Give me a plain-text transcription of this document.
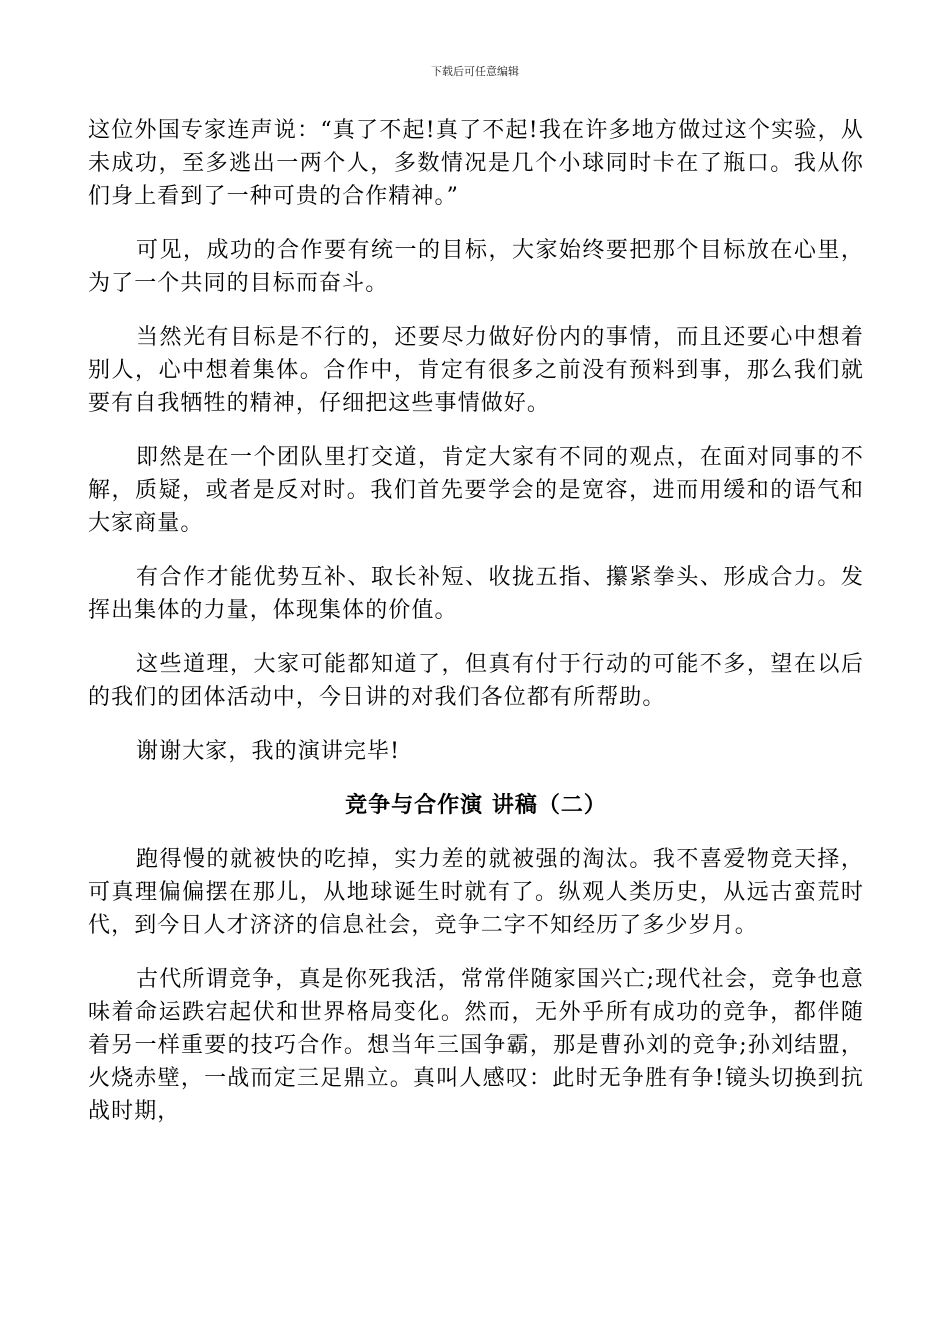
下载后可任意编辑

这位外国专家连声说：“真了不起!真了不起!我在许多地方做过这个实验，从未成功，至多逃出一两个人，多数情况是几个小球同时卡在了瓶口。我从你们身上看到了一种可贵的合作精神。”

可见，成功的合作要有统一的目标，大家始终要把那个目标放在心里，为了一个共同的目标而奋斗。

当然光有目标是不行的，还要尽力做好份内的事情，而且还要心中想着别人，心中想着集体。合作中，肯定有很多之前没有预料到事，那么我们就要有自我牺牲的精神，仔细把这些事情做好。

即然是在一个团队里打交道，肯定大家有不同的观点，在面对同事的不解，质疑，或者是反对时。我们首先要学会的是宽容，进而用缓和的语气和大家商量。

有合作才能优势互补、取长补短、收拢五指、攥紧拳头、形成合力。发挥出集体的力量，体现集体的价值。

这些道理，大家可能都知道了，但真有付于行动的可能不多，望在以后的我们的团体活动中，今日讲的对我们各位都有所帮助。

谢谢大家，我的演讲完毕!

竞争与合作演 讲稿（二）

跑得慢的就被快的吃掉，实力差的就被强的淘汰。我不喜爱物竞天择，可真理偏偏摆在那儿，从地球诞生时就有了。纵观人类历史，从远古蛮荒时代，到今日人才济济的信息社会，竞争二字不知经历了多少岁月。

古代所谓竞争，真是你死我活，常常伴随家国兴亡;现代社会，竞争也意味着命运跌宕起伏和世界格局变化。然而，无外乎所有成功的竞争，都伴随着另一样重要的技巧合作。想当年三国争霸，那是曹孙刘的竞争;孙刘结盟，火烧赤壁，一战而定三足鼎立。真叫人感叹：此时无争胜有争!镜头切换到抗战时期，
